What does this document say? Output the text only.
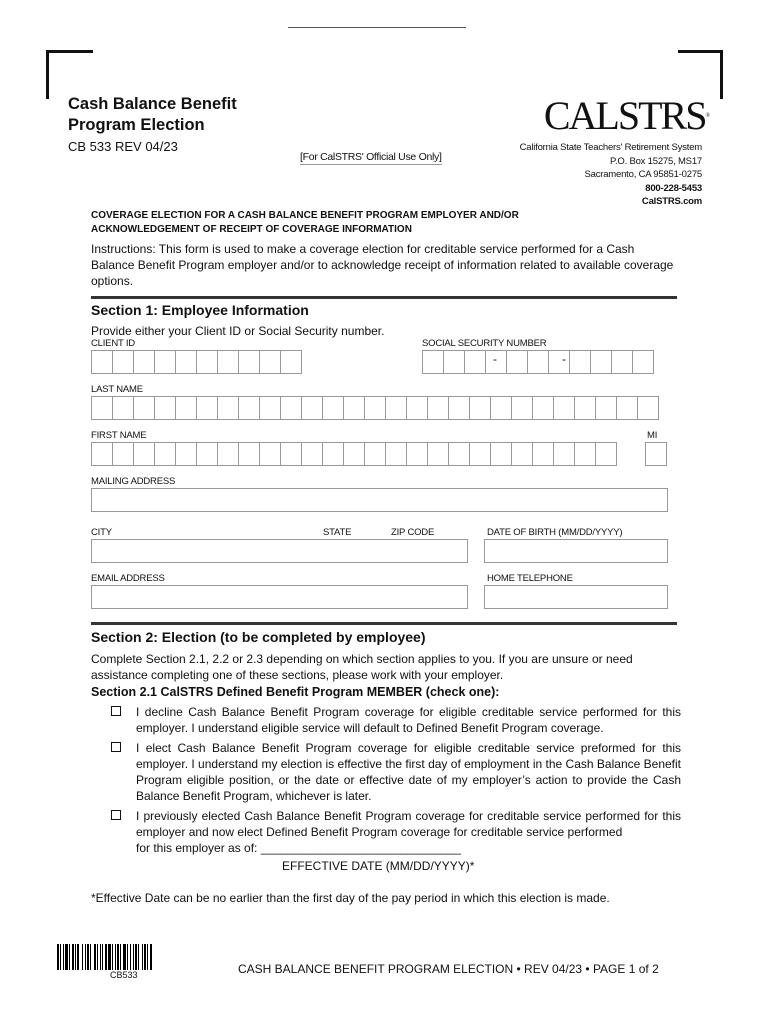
Cash Balance Benefit
Program Election
CB 533 REV 04/23
[For CalSTRS' Official Use Only]
CALSTRS®
California State Teachers' Retirement System
P.O. Box 15275, MS17
Sacramento, CA 95851-0275
800-228-5453
CalSTRS.com
COVERAGE ELECTION FOR A CASH BALANCE BENEFIT PROGRAM EMPLOYER AND/OR
ACKNOWLEDGEMENT OF RECEIPT OF COVERAGE INFORMATION
Instructions: This form is used to make a coverage election for creditable service performed for a Cash Balance Benefit Program employer and/or to acknowledge receipt of information related to available coverage options.
Section 1: Employee Information
Provide either your Client ID or Social Security number.
CLIENT ID	SOCIAL SECURITY NUMBER
-	-
LAST NAME
FIRST NAME	MI
MAILING ADDRESS
CITY	STATE	ZIP CODE	DATE OF BIRTH (MM/DD/YYYY)
EMAIL ADDRESS	HOME TELEPHONE
Section 2: Election (to be completed by employee)
Complete Section 2.1, 2.2 or 2.3 depending on which section applies to you. If you are unsure or need assistance completing one of these sections, please work with your employer.
Section 2.1 CalSTRS Defined Benefit Program MEMBER (check one):
I decline Cash Balance Benefit Program coverage for eligible creditable service performed for this employer. I understand eligible service will default to Defined Benefit Program coverage.
I elect Cash Balance Benefit Program coverage for eligible creditable service preformed for this employer. I understand my election is effective the first day of employment in the Cash Balance Benefit Program eligible position, or the date or effective date of my employer’s action to provide the Cash Balance Benefit Program, whichever is later.
I previously elected Cash Balance Benefit Program coverage for creditable service performed for this employer and now elect Defined Benefit Program coverage for creditable service performed
for this employer as of: ______________________________
EFFECTIVE DATE (MM/DD/YYYY)*
*Effective Date can be no earlier than the first day of the pay period in which this election is made.
CB533	CASH BALANCE BENEFIT PROGRAM ELECTION • REV 04/23 • PAGE 1 of 2
